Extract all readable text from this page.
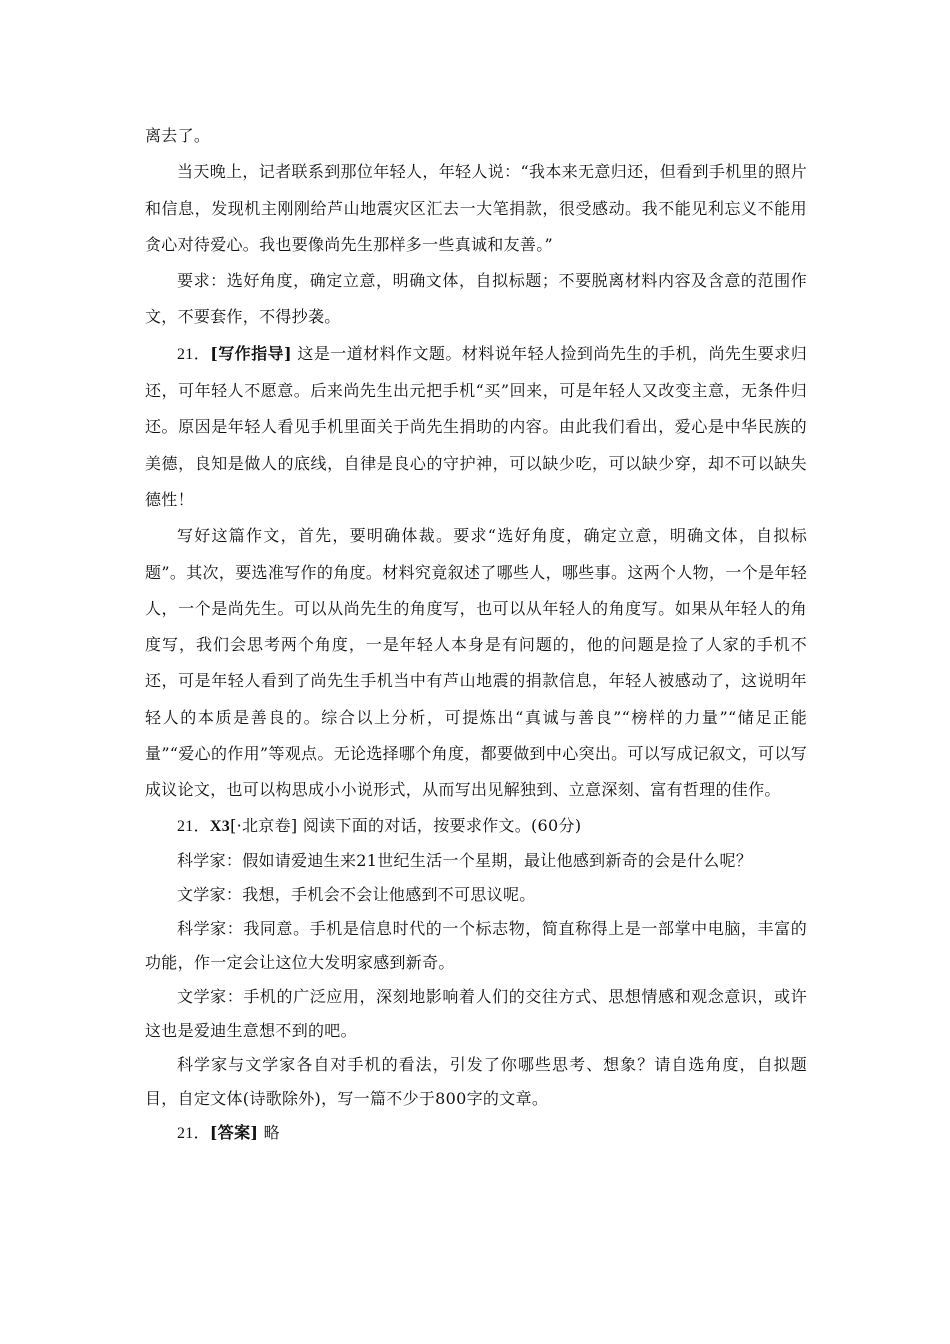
离去了。

当天晚上，记者联系到那位年轻人，年轻人说：“我本来无意归还，但看到手机里的照片和信息，发现机主刚刚给芦山地震灾区汇去一大笔捐款，很受感动。我不能见利忘义不能用贪心对待爱心。我也要像尚先生那样多一些真诚和友善。”

要求：选好角度，确定立意，明确文体，自拟标题；不要脱离材料内容及含意的范围作文，不要套作，不得抄袭。

21．[写作指导] 这是一道材料作文题。材料说年轻人捡到尚先生的手机，尚先生要求归还，可年轻人不愿意。后来尚先生出元把手机“买”回来，可是年轻人又改变主意，无条件归还。原因是年轻人看见手机里面关于尚先生捐助的内容。由此我们看出，爱心是中华民族的美德，良知是做人的底线，自律是良心的守护神，可以缺少吃，可以缺少穿，却不可以缺失德性！

写好这篇作文，首先，要明确体裁。要求“选好角度，确定立意，明确文体，自拟标题”。其次，要选准写作的角度。材料究竟叙述了哪些人，哪些事。这两个人物，一个是年轻人，一个是尚先生。可以从尚先生的角度写，也可以从年轻人的角度写。如果从年轻人的角度写，我们会思考两个角度，一是年轻人本身是有问题的，他的问题是捡了人家的手机不还，可是年轻人看到了尚先生手机当中有芦山地震的捐款信息，年轻人被感动了，这说明年轻人的本质是善良的。综合以上分析，可提炼出“真诚与善良”“榜样的力量”“储足正能量”“爱心的作用”等观点。无论选择哪个角度，都要做到中心突出。可以写成记叙文，可以写成议论文，也可以构思成小小说形式，从而写出见解独到、立意深刻、富有哲理的佳作。

21．X3[·北京卷] 阅读下面的对话，按要求作文。(60分)

科学家：假如请爱迪生来21世纪生活一个星期，最让他感到新奇的会是什么呢？

文学家：我想，手机会不会让他感到不可思议呢。

科学家：我同意。手机是信息时代的一个标志物，简直称得上是一部掌中电脑，丰富的功能，作一定会让这位大发明家感到新奇。

文学家：手机的广泛应用，深刻地影响着人们的交往方式、思想情感和观念意识，或许这也是爱迪生意想不到的吧。

科学家与文学家各自对手机的看法，引发了你哪些思考、想象？请自选角度，自拟题目，自定文体(诗歌除外)，写一篇不少于800字的文章。

21．[答案] 略
